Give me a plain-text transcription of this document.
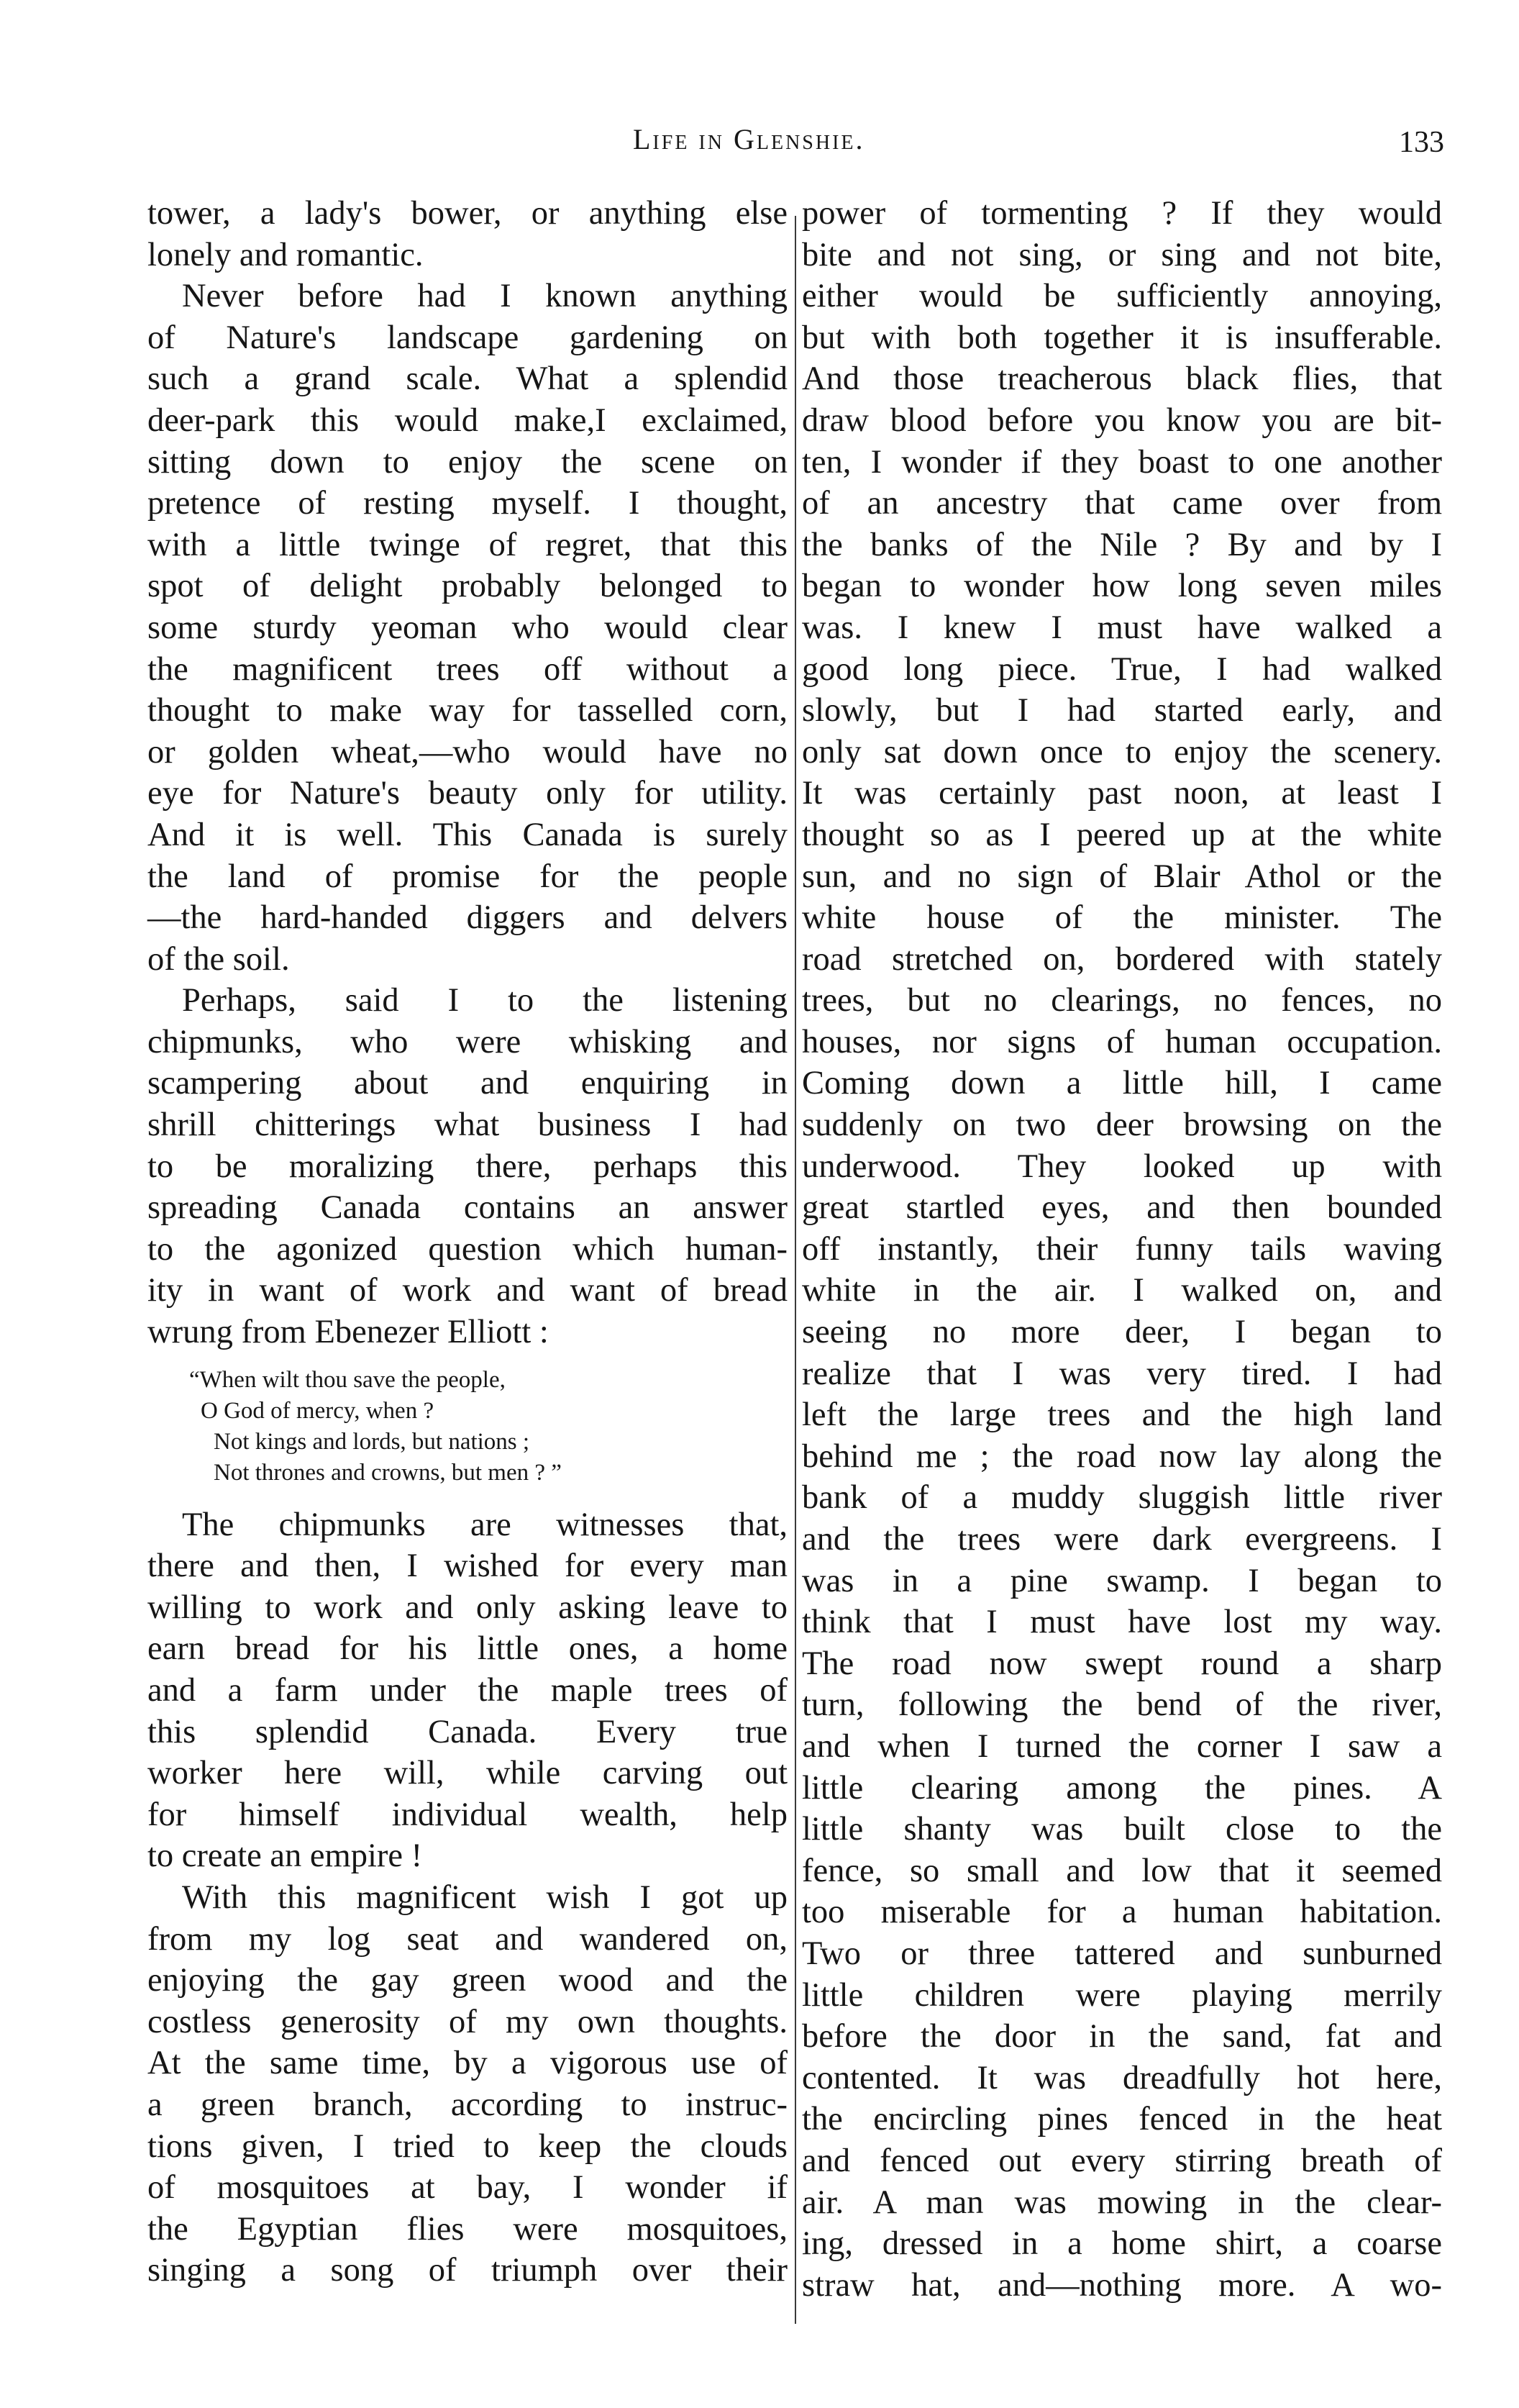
Life in Glenshie.	133
tower, a lady's bower, or anything else
lonely and romantic.
Never before had I known anything
of Nature's landscape gardening on
such a grand scale. What a splendid
deer-park this would make,I exclaimed,
sitting down to enjoy the scene on
pretence of resting myself. I thought,
with a little twinge of regret, that this
spot of delight probably belonged to
some sturdy yeoman who would clear
the magnificent trees off without a
thought to make way for tasselled corn,
or golden wheat,—who would have no
eye for Nature's beauty only for utility.
And it is well. This Canada is surely
the land of promise for the people
—the hard-handed diggers and delvers
of the soil.
Perhaps, said I to the listening
chipmunks, who were whisking and
scampering about and enquiring in
shrill chitterings what business I had
to be moralizing there, perhaps this
spreading Canada contains an answer
to the agonized question which human-
ity in want of work and want of bread
wrung from Ebenezer Elliott :
“When wilt thou save the people,
O God of mercy, when ?
Not kings and lords, but nations ;
Not thrones and crowns, but men ? ”
The chipmunks are witnesses that,
there and then, I wished for every man
willing to work and only asking leave to
earn bread for his little ones, a home
and a farm under the maple trees of
this splendid Canada. Every true
worker here will, while carving out
for himself individual wealth, help
to create an empire !
With this magnificent wish I got up
from my log seat and wandered on,
enjoying the gay green wood and the
costless generosity of my own thoughts.
At the same time, by a vigorous use of
a green branch, according to instruc-
tions given, I tried to keep the clouds
of mosquitoes at bay, I wonder if
the Egyptian flies were mosquitoes,
singing a song of triumph over their
power of tormenting ? If they would
bite and not sing, or sing and not bite,
either would be sufficiently annoying,
but with both together it is insufferable.
And those treacherous black flies, that
draw blood before you know you are bit-
ten, I wonder if they boast to one another
of an ancestry that came over from
the banks of the Nile ? By and by I
began to wonder how long seven miles
was. I knew I must have walked a
good long piece. True, I had walked
slowly, but I had started early, and
only sat down once to enjoy the scenery.
It was certainly past noon, at least I
thought so as I peered up at the white
sun, and no sign of Blair Athol or the
white house of the minister. The
road stretched on, bordered with stately
trees, but no clearings, no fences, no
houses, nor signs of human occupation.
Coming down a little hill, I came
suddenly on two deer browsing on the
underwood. They looked up with
great startled eyes, and then bounded
off instantly, their funny tails waving
white in the air. I walked on, and
seeing no more deer, I began to
realize that I was very tired. I had
left the large trees and the high land
behind me ; the road now lay along the
bank of a muddy sluggish little river
and the trees were dark evergreens. I
was in a pine swamp. I began to
think that I must have lost my way.
The road now swept round a sharp
turn, following the bend of the river,
and when I turned the corner I saw a
little clearing among the pines. A
little shanty was built close to the
fence, so small and low that it seemed
too miserable for a human habitation.
Two or three tattered and sunburned
little children were playing merrily
before the door in the sand, fat and
contented. It was dreadfully hot here,
the encircling pines fenced in the heat
and fenced out every stirring breath of
air. A man was mowing in the clear-
ing, dressed in a home shirt, a coarse
straw hat, and—nothing more. A wo-
